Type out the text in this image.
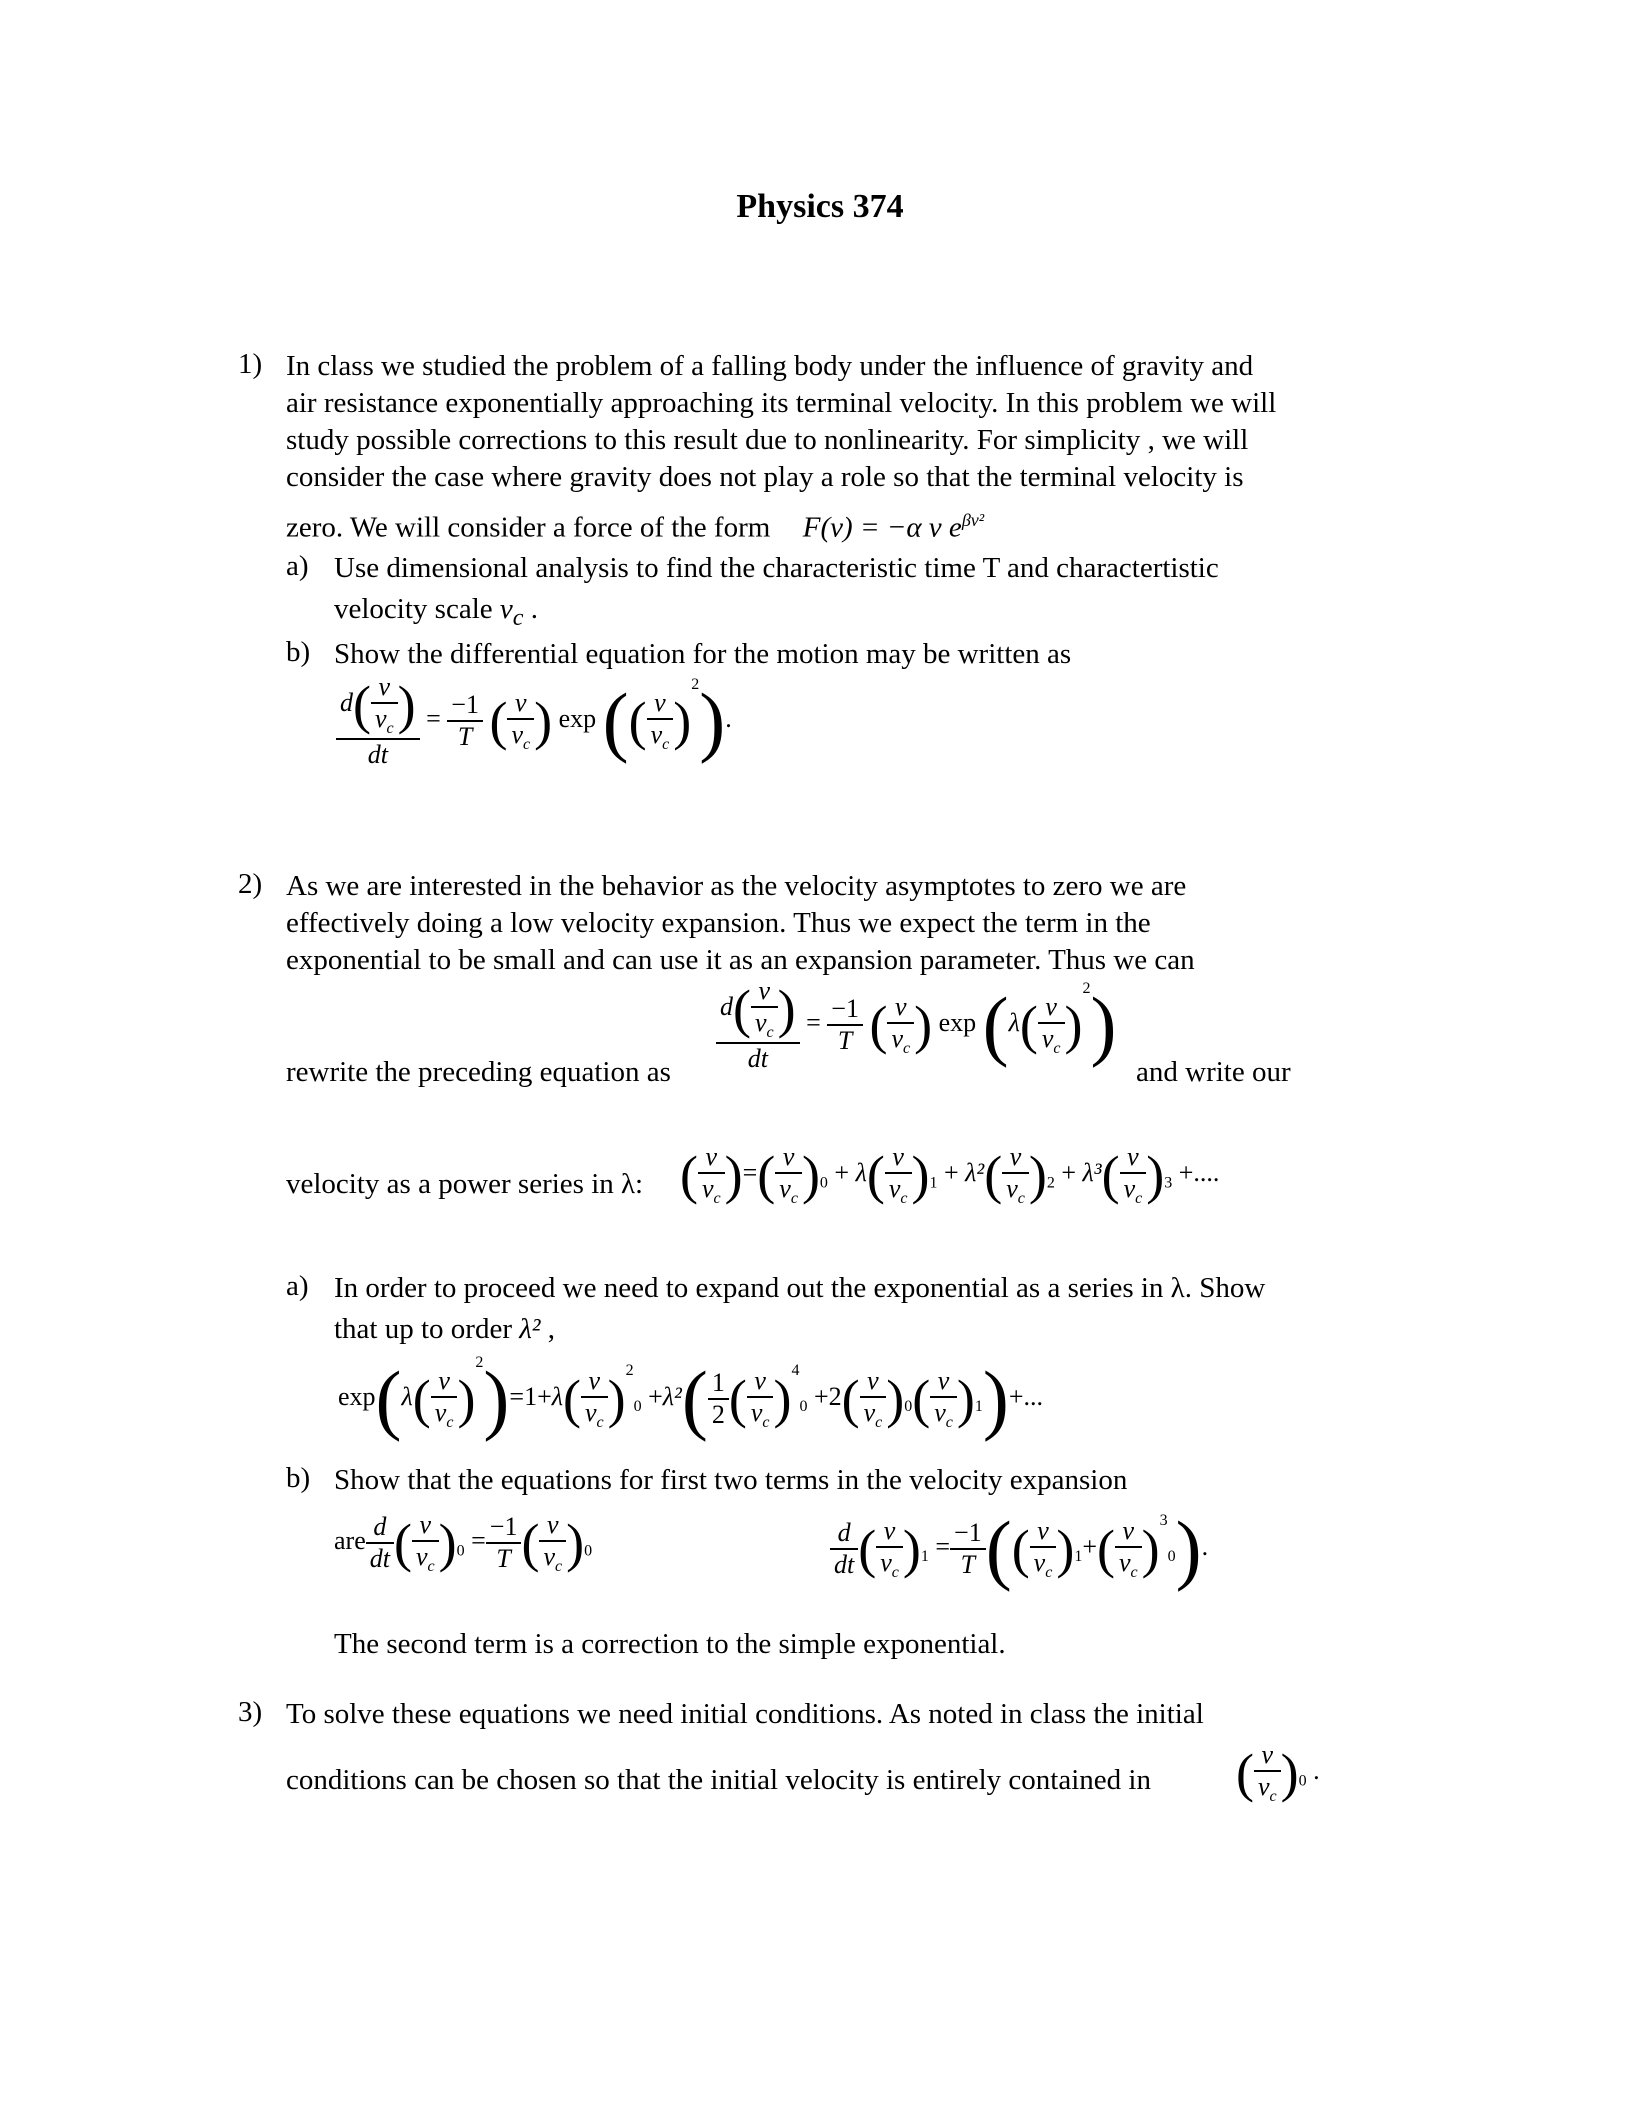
Physics 374
1) In class we studied the problem of a falling body under the influence of gravity and
air resistance exponentially approaching its terminal velocity. In this problem we will
study possible corrections to this result due to nonlinearity. For simplicity , we will
consider the case where gravity does not play a role so that the terminal velocity is
zero. We will consider a force of the form F(v) = −α v $e^{\beta v^2}$
a) Use dimensional analysis to find the characteristic time T and charactertistic
velocity scale $v_c$ .
b) Show the differential equation for the motion may be written as
$\frac{d( \frac{v}{v_c} )}{dt} = \frac{-1}{T}$ ( $\frac{v}{v_c}$ ) exp (( $\frac{v}{v_c} )^2$).
2) As we are interested in the behavior as the velocity asymptotes to zero we are
effectively doing a low velocity expansion. Thus we expect the term in the
exponential to be small and can use it as an expansion parameter. Thus we can
rewrite the preceding equation as $\frac{d( \frac{v}{v_c} )}{dt} = \frac{-1}{T}$ ( $\frac{v}{v_c}$ ) $\exp (\lambda( \frac{v}{v_c} )^2)$
and write our
velocity as a power series in λ: ( $\frac{v}{v_c}$ )=( $\frac{v}{v_c} )_0 + \lambda( \frac{v}{v_c} )_1 + \lambda^2( \frac{v}{v_c} )_2 + \lambda^3( \frac{v}{v_c} )_3$ +....
a) In order to proceed we need to expand out the exponential as a series in λ. Show
that up to order λ² ,
$\exp(\lambda( \frac{v}{v_c} )^2)=1+\lambda( \frac{v}{v_c} )^2_0 +\lambda^2( \frac{1}{2}$ ( $\frac{v}{v_c} )^4_0 +2( \frac{v}{v_c} )_0( \frac{v}{v_c} )_1)+$...
b) Show that the equations for first two terms in the velocity expansion
are $\frac{d}{dt}$ ( $\frac{v}{v_c} )_0 = \frac{-1}{T}$ ( $\frac{v}{v_c} )_0$	$\frac{d}{dt}$ ( $\frac{v}{v_c} )_1 = \frac{-1}{T}$ (( $\frac{v}{v_c} )_1+( \frac{v}{v_c} )^3_0$).
The second term is a correction to the simple exponential.
3) To solve these equations we need initial conditions. As noted in class the initial
conditions can be chosen so that the initial velocity is entirely contained in ( $\frac{v}{v_c} )_0$ .
